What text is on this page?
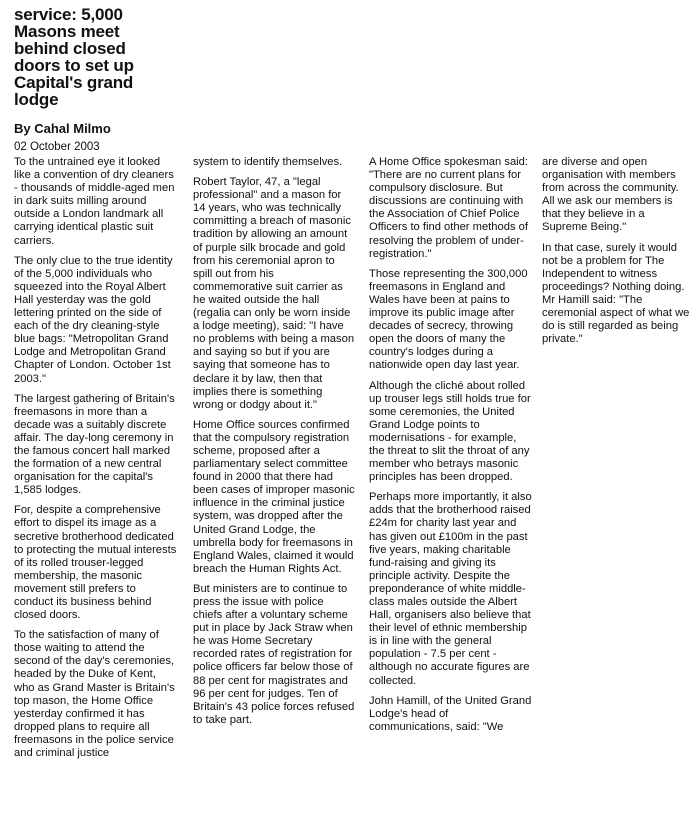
service: 5,000 Masons meet behind closed doors to set up Capital's grand lodge
By Cahal Milmo
02 October 2003

To the untrained eye it looked like a convention of dry cleaners - thousands of middle-aged men in dark suits milling around outside a London landmark all carrying identical plastic suit carriers.

The only clue to the true identity of the 5,000 individuals who squeezed into the Royal Albert Hall yesterday was the gold lettering printed on the side of each of the dry cleaning-style blue bags: "Metropolitan Grand Lodge and Metropolitan Grand Chapter of London. October 1st 2003."

The largest gathering of Britain's freemasons in more than a decade was a suitably discrete affair. The day-long ceremony in the famous concert hall marked the formation of a new central organisation for the capital's 1,585 lodges.

For, despite a comprehensive effort to dispel its image as a secretive brotherhood dedicated to protecting the mutual interests of its rolled trouser-legged membership, the masonic movement still prefers to conduct its business behind closed doors.

To the satisfaction of many of those waiting to attend the second of the day's ceremonies, headed by the Duke of Kent, who as Grand Master is Britain's top mason, the Home Office yesterday confirmed it has dropped plans to require all freemasons in the police service and criminal justice

system to identify themselves.

Robert Taylor, 47, a "legal professional" and a mason for 14 years, who was technically committing a breach of masonic tradition by allowing an amount of purple silk brocade and gold from his ceremonial apron to spill out from his commemorative suit carrier as he waited outside the hall (regalia can only be worn inside a lodge meeting), said: "I have no problems with being a mason and saying so but if you are saying that someone has to declare it by law, then that implies there is something wrong or dodgy about it."

Home Office sources confirmed that the compulsory registration scheme, proposed after a parliamentary select committee found in 2000 that there had been cases of improper masonic influence in the criminal justice system, was dropped after the United Grand Lodge, the umbrella body for freemasons in England Wales, claimed it would breach the Human Rights Act.

But ministers are to continue to press the issue with police chiefs after a voluntary scheme put in place by Jack Straw when he was Home Secretary recorded rates of registration for police officers far below those of 88 per cent for magistrates and 96 per cent for judges. Ten of Britain's 43 police forces refused to take part.

A Home Office spokesman said: "There are no current plans for compulsory disclosure. But discussions are continuing with the Association of Chief Police Officers to find other methods of resolving the problem of under-registration."

Those representing the 300,000 freemasons in England and Wales have been at pains to improve its public image after decades of secrecy, throwing open the doors of many the country's lodges during a nationwide open day last year.

Although the cliché about rolled up trouser legs still holds true for some ceremonies, the United Grand Lodge points to modernisations - for example, the threat to slit the throat of any member who betrays masonic principles has been dropped.

Perhaps more importantly, it also adds that the brotherhood raised £24m for charity last year and has given out £100m in the past five years, making charitable fund-raising and giving its principle activity. Despite the preponderance of white middle-class males outside the Albert Hall, organisers also believe that their level of ethnic membership is in line with the general population - 7.5 per cent - although no accurate figures are collected.

John Hamill, of the United Grand Lodge's head of communications, said: "We

are diverse and open organisation with members from across the community. All we ask our members is that they believe in a Supreme Being."

In that case, surely it would not be a problem for The Independent to witness proceedings? Nothing doing. Mr Hamill said: "The ceremonial aspect of what we do is still regarded as being private."
